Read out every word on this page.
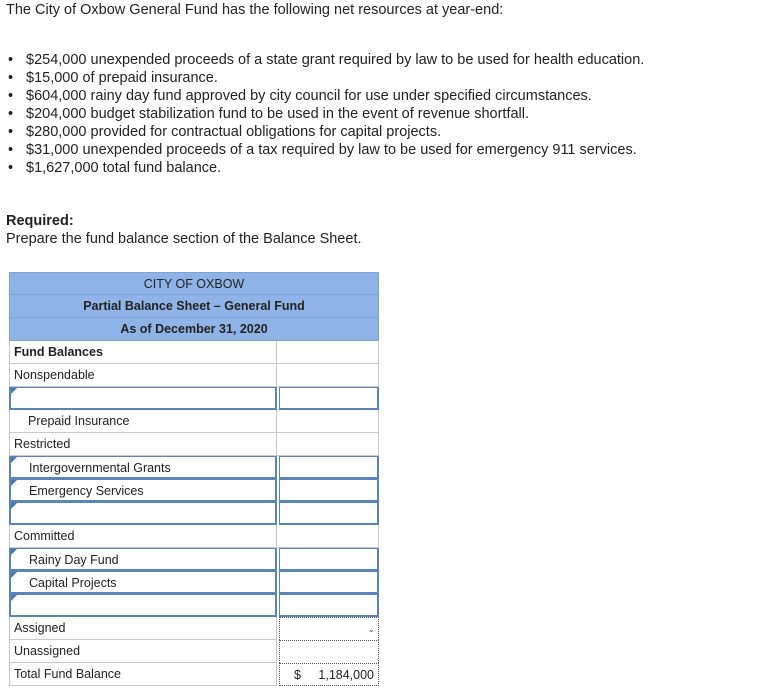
The City of Oxbow General Fund has the following net resources at year-end:
• $254,000 unexpended proceeds of a state grant required by law to be used for health education.
• $15,000 of prepaid insurance.
• $604,000 rainy day fund approved by city council for use under specified circumstances.
• $204,000 budget stabilization fund to be used in the event of revenue shortfall.
• $280,000 provided for contractual obligations for capital projects.
• $31,000 unexpended proceeds of a tax required by law to be used for emergency 911 services.
• $1,627,000 total fund balance.
Required:
Prepare the fund balance section of the Balance Sheet.
CITY OF OXBOW
Partial Balance Sheet – General Fund
As of December 31, 2020
Fund Balances
Nonspendable
Prepaid Insurance
Restricted
Intergovernmental Grants
Emergency Services
Committed
Rainy Day Fund
Capital Projects
Assigned	⌄
Unassigned
Total Fund Balance	$ 1,184,000
